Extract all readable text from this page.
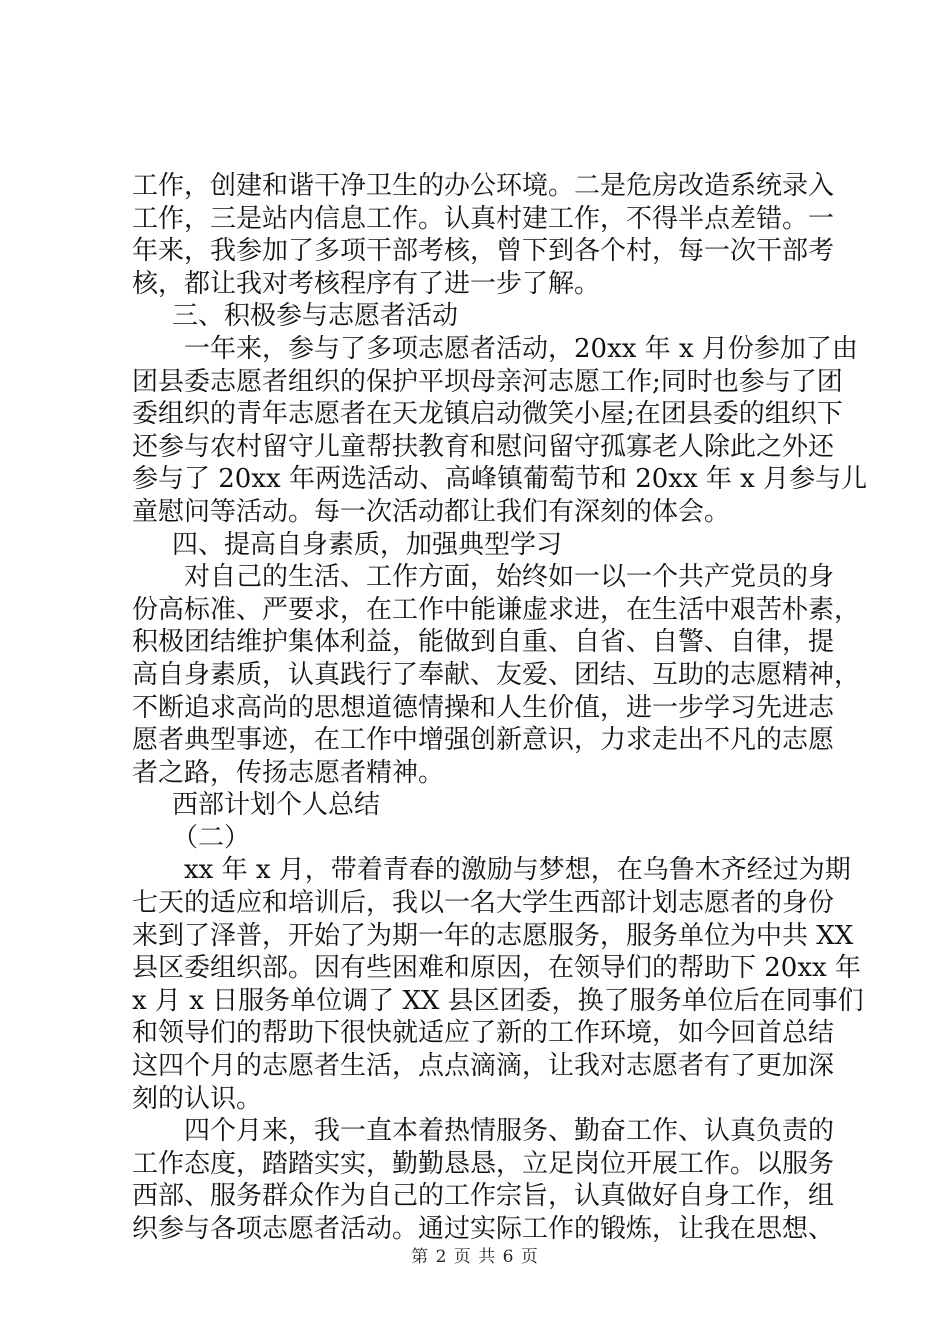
工作，创建和谐干净卫生的办公环境。二是危房改造系统录入
工作，三是站内信息工作。认真村建工作，不得半点差错。一
年来，我参加了多项干部考核，曾下到各个村，每一次干部考
核，都让我对考核程序有了进一步了解。
三、积极参与志愿者活动
一年来，参与了多项志愿者活动，20xx 年 x 月份参加了由
团县委志愿者组织的保护平坝母亲河志愿工作;同时也参与了团
委组织的青年志愿者在天龙镇启动微笑小屋;在团县委的组织下
还参与农村留守儿童帮扶教育和慰问留守孤寡老人除此之外还
参与了 20xx 年两选活动、高峰镇葡萄节和 20xx 年 x 月参与儿
童慰问等活动。每一次活动都让我们有深刻的体会。
四、提高自身素质，加强典型学习
对自己的生活、工作方面，始终如一以一个共产党员的身
份高标准、严要求，在工作中能谦虚求进，在生活中艰苦朴素，
积极团结维护集体利益，能做到自重、自省、自警、自律，提
高自身素质，认真践行了奉献、友爱、团结、互助的志愿精神，
不断追求高尚的思想道德情操和人生价值，进一步学习先进志
愿者典型事迹，在工作中增强创新意识，力求走出不凡的志愿
者之路，传扬志愿者精神。
西部计划个人总结
（二）
xx 年 x 月，带着青春的激励与梦想，在乌鲁木齐经过为期
七天的适应和培训后，我以一名大学生西部计划志愿者的身份
来到了泽普，开始了为期一年的志愿服务，服务单位为中共 XX
县区委组织部。因有些困难和原因，在领导们的帮助下 20xx 年
x 月 x 日服务单位调了 XX 县区团委，换了服务单位后在同事们
和领导们的帮助下很快就适应了新的工作环境，如今回首总结
这四个月的志愿者生活，点点滴滴，让我对志愿者有了更加深
刻的认识。
四个月来，我一直本着热情服务、勤奋工作、认真负责的
工作态度，踏踏实实，勤勤恳恳，立足岗位开展工作。以服务
西部、服务群众作为自己的工作宗旨，认真做好自身工作，组
织参与各项志愿者活动。通过实际工作的锻炼，让我在思想、
第 2 页 共 6 页
